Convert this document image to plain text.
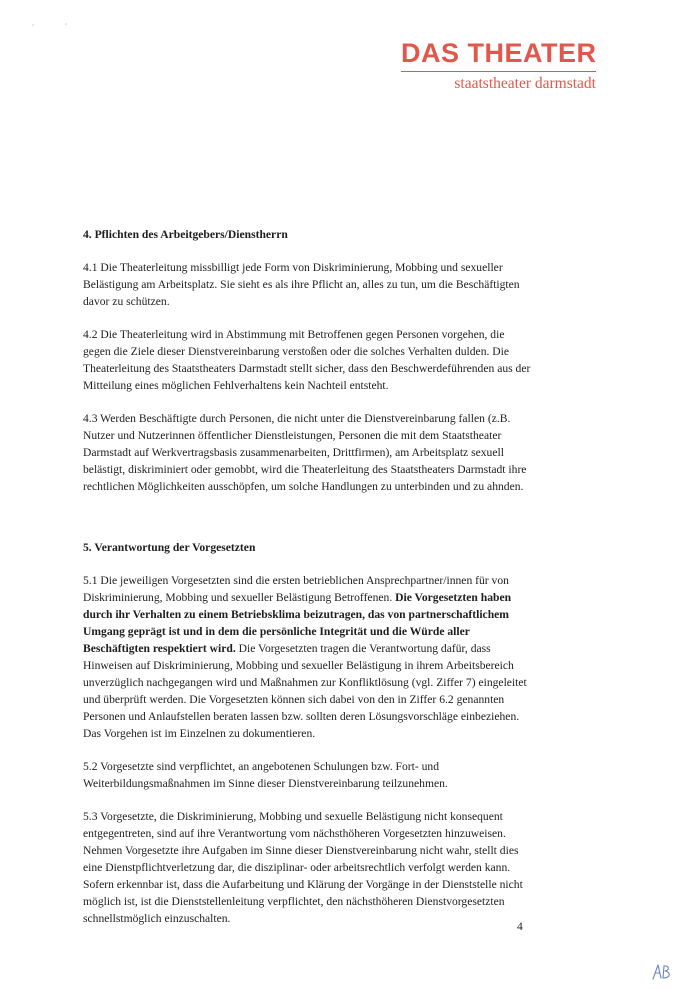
DAS THEATER
staatstheater darmstadt
4. Pflichten des Arbeitgebers/Dienstherrn

4.1 Die Theaterleitung missbilligt jede Form von Diskriminierung, Mobbing und sexueller Belästigung am Arbeitsplatz. Sie sieht es als ihre Pflicht an, alles zu tun, um die Beschäftigten davor zu schützen.

4.2 Die Theaterleitung wird in Abstimmung mit Betroffenen gegen Personen vorgehen, die gegen die Ziele dieser Dienstvereinbarung verstoßen oder die solches Verhalten dulden. Die Theaterleitung des Staatstheaters Darmstadt stellt sicher, dass den Beschwerdeführenden aus der Mitteilung eines möglichen Fehlverhaltens kein Nachteil entsteht.

4.3 Werden Beschäftigte durch Personen, die nicht unter die Dienstvereinbarung fallen (z.B. Nutzer und Nutzerinnen öffentlicher Dienstleistungen, Personen die mit dem Staatstheater Darmstadt auf Werkvertragsbasis zusammenarbeiten, Drittfirmen), am Arbeitsplatz sexuell belästigt, diskriminiert oder gemobbt, wird die Theaterleitung des Staatstheaters Darmstadt ihre rechtlichen Möglichkeiten ausschöpfen, um solche Handlungen zu unterbinden und zu ahnden.

5. Verantwortung der Vorgesetzten

5.1 Die jeweiligen Vorgesetzten sind die ersten betrieblichen Ansprechpartner/innen für von Diskriminierung, Mobbing und sexueller Belästigung Betroffenen. Die Vorgesetzten haben durch ihr Verhalten zu einem Betriebsklima beizutragen, das von partnerschaftlichem Umgang geprägt ist und in dem die persönliche Integrität und die Würde aller Beschäftigten respektiert wird. Die Vorgesetzten tragen die Verantwortung dafür, dass Hinweisen auf Diskriminierung, Mobbing und sexueller Belästigung in ihrem Arbeitsbereich unverzüglich nachgegangen wird und Maßnahmen zur Konfliktlösung (vgl. Ziffer 7) eingeleitet und überprüft werden. Die Vorgesetzten können sich dabei von den in Ziffer 6.2 genannten Personen und Anlaufstellen beraten lassen bzw. sollten deren Lösungsvorschläge einbeziehen. Das Vorgehen ist im Einzelnen zu dokumentieren.

5.2 Vorgesetzte sind verpflichtet, an angebotenen Schulungen bzw. Fort- und Weiterbildungsmaßnahmen im Sinne dieser Dienstvereinbarung teilzunehmen.

5.3 Vorgesetzte, die Diskriminierung, Mobbing und sexuelle Belästigung nicht konsequent entgegentreten, sind auf ihre Verantwortung vom nächsthöheren Vorgesetzten hinzuweisen. Nehmen Vorgesetzte ihre Aufgaben im Sinne dieser Dienstvereinbarung nicht wahr, stellt dies eine Dienstpflichtverletzung dar, die disziplinar- oder arbeitsrechtlich verfolgt werden kann. Sofern erkennbar ist, dass die Aufarbeitung und Klärung der Vorgänge in der Dienststelle nicht möglich ist, ist die Dienststellenleitung verpflichtet, den nächsthöheren Dienstvorgesetzten schnellstmöglich einzuschalten.

4
